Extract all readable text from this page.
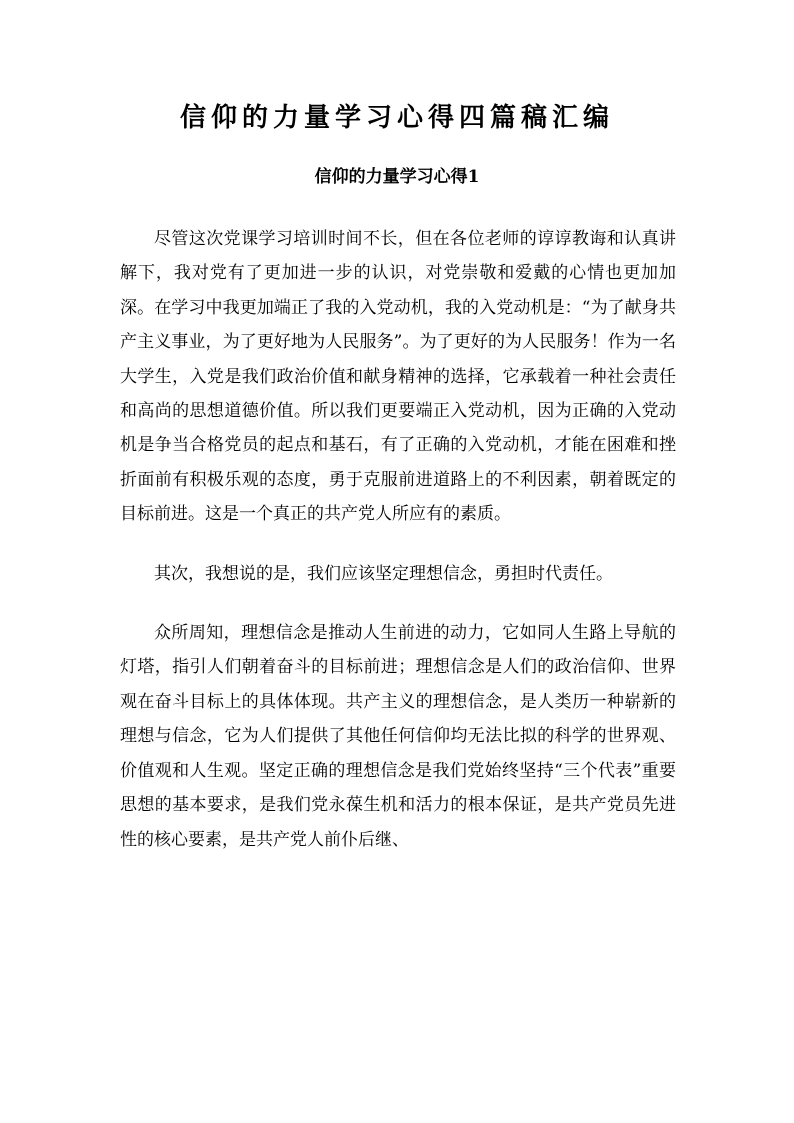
信仰的力量学习心得四篇稿汇编
信仰的力量学习心得1

尽管这次党课学习培训时间不长，但在各位老师的谆谆教诲和认真讲解下，我对党有了更加进一步的认识，对党崇敬和爱戴的心情也更加加深。在学习中我更加端正了我的入党动机，我的入党动机是：“为了献身共产主义事业，为了更好地为人民服务”。为了更好的为人民服务！作为一名大学生，入党是我们政治价值和献身精神的选择，它承载着一种社会责任和高尚的思想道德价值。所以我们更要端正入党动机，因为正确的入党动机是争当合格党员的起点和基石，有了正确的入党动机，才能在困难和挫折面前有积极乐观的态度，勇于克服前进道路上的不利因素，朝着既定的目标前进。这是一个真正的共产党人所应有的素质。

其次，我想说的是，我们应该坚定理想信念，勇担时代责任。

众所周知，理想信念是推动人生前进的动力，它如同人生路上导航的灯塔，指引人们朝着奋斗的目标前进；理想信念是人们的政治信仰、世界观在奋斗目标上的具体体现。共产主义的理想信念，是人类历一种崭新的理想与信念，它为人们提供了其他任何信仰均无法比拟的科学的世界观、价值观和人生观。坚定正确的理想信念是我们党始终坚持“三个代表”重要思想的基本要求，是我们党永葆生机和活力的根本保证，是共产党员先进性的核心要素，是共产党人前仆后继、
